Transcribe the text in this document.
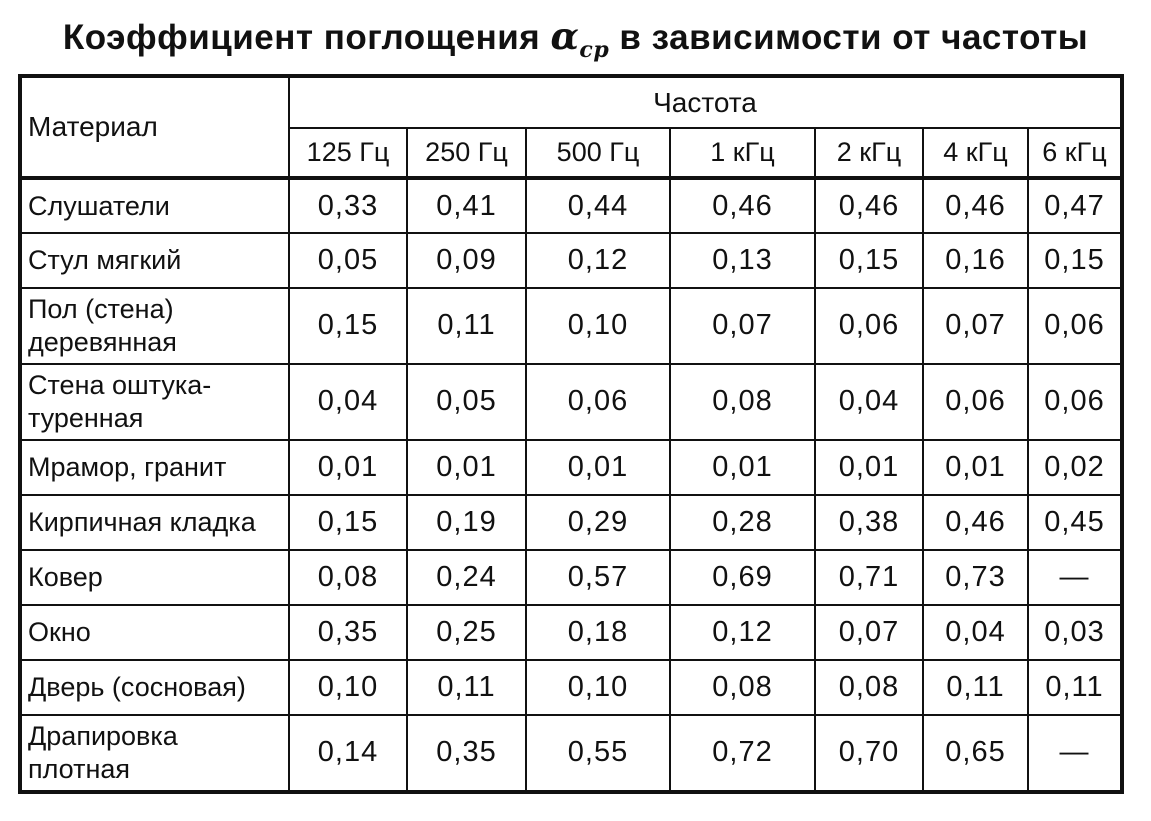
Коэффициент поглощения $\alpha_{ср}$ в зависимости от частоты
Материал	Частота						
	125 Гц	250 Гц	500 Гц	1 кГц	2 кГц	4 кГц	6 кГц
Слушатели	0,33	0,41	0,44	0,46	0,46	0,46	0,47
Стул мягкий	0,05	0,09	0,12	0,13	0,15	0,16	0,15
Пол (стена) деревянная	0,15	0,11	0,10	0,07	0,06	0,07	0,06
Стена оштука-туренная	0,04	0,05	0,06	0,08	0,04	0,06	0,06
Мрамор, гранит	0,01	0,01	0,01	0,01	0,01	0,01	0,02
Кирпичная кладка	0,15	0,19	0,29	0,28	0,38	0,46	0,45
Ковер	0,08	0,24	0,57	0,69	0,71	0,73	—
Окно	0,35	0,25	0,18	0,12	0,07	0,04	0,03
Дверь (сосновая)	0,10	0,11	0,10	0,08	0,08	0,11	0,11
Драпировка плотная	0,14	0,35	0,55	0,72	0,70	0,65	—
